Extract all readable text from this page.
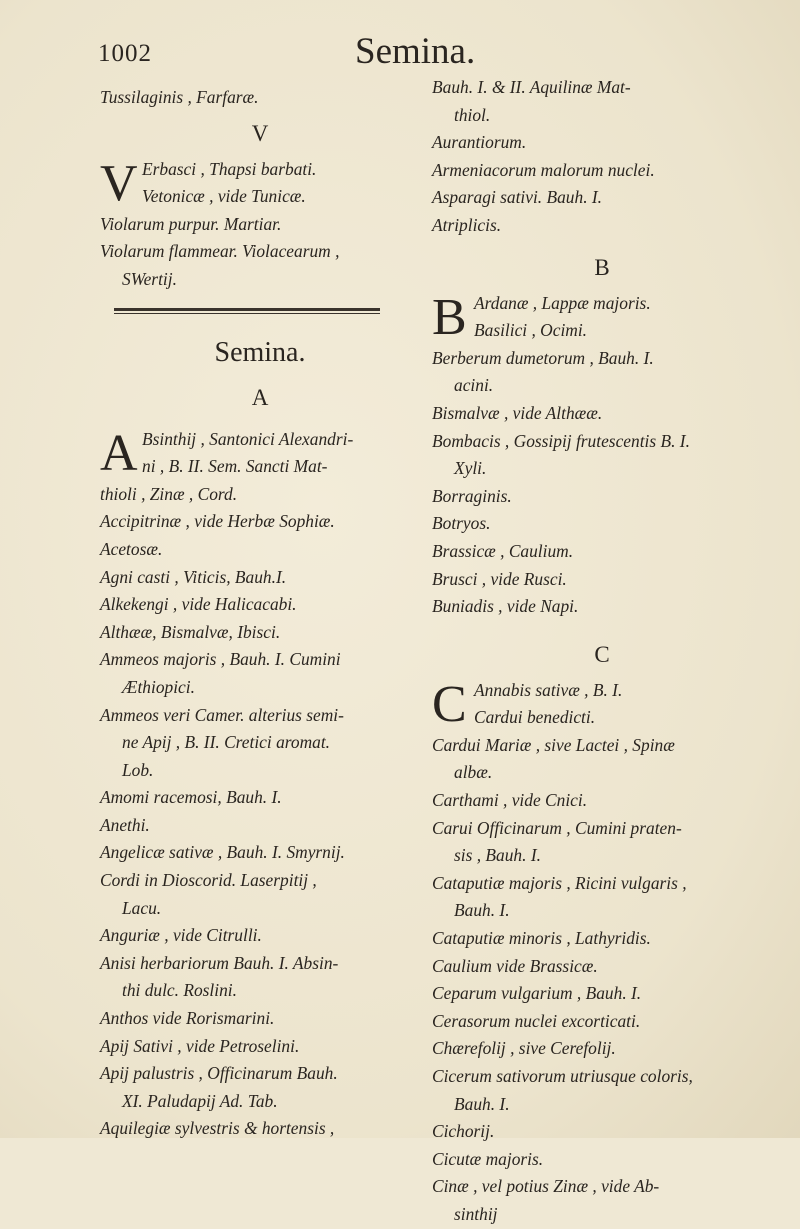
1002	Semina.
Tussilaginis , Farfaræ.
V
V Erbasci , Thapsi barbati.
Vetonicæ , vide Tunicæ.
Violarum purpur. Martiar.
Violarum flammear. Violacearum ,
SWertij.
Semina.
A
A Bsinthij , Santonici Alexandri-
ni , B. II. Sem. Sancti Mat-
thioli , Zinæ , Cord.
Accipitrinæ , vide Herbæ Sophiæ.
Acetosæ.
Agni casti , Viticis, Bauh.I.
Alkekengi , vide Halicacabi.
Althææ, Bismalvæ, Ibisci.
Ammeos majoris , Bauh. I. Cumini
Æthiopici.
Ammeos veri Camer. alterius semi-
ne Apij , B. II. Cretici aromat.
Lob.
Amomi racemosi, Bauh. I.
Anethi.
Angelicæ sativæ , Bauh. I. Smyrnij.
Cordi in Dioscorid. Laserpitij ,
Lacu.
Anguriæ , vide Citrulli.
Anisi herbariorum Bauh. I. Absin-
thi dulc. Roslini.
Anthos vide Rorismarini.
Apij Sativi , vide Petroselini.
Apij palustris , Officinarum Bauh.
XI. Paludapij Ad. Tab.
Aquilegiæ sylvestris & hortensis ,
Bauh. I. & II. Aquilinæ Mat-
thiol.
Aurantiorum.
Armeniacorum malorum nuclei.
Asparagi sativi. Bauh. I.
Atriplicis.
B
B Ardanæ , Lappæ majoris.
Basilici , Ocimi.
Berberum dumetorum , Bauh. I.
acini.
Bismalvæ , vide Althææ.
Bombacis , Gossipij frutescentis B. I.
Xyli.
Borraginis.
Botryos.
Brassicæ , Caulium.
Brusci , vide Rusci.
Buniadis , vide Napi.
C
C Annabis sativæ , B. I.
Cardui benedicti.
Cardui Mariæ , sive Lactei , Spinæ
albæ.
Carthami , vide Cnici.
Carui Officinarum , Cumini praten-
sis , Bauh. I.
Cataputiæ majoris , Ricini vulgaris ,
Bauh. I.
Cataputiæ minoris , Lathyridis.
Caulium vide Brassicæ.
Ceparum vulgarium , Bauh. I.
Cerasorum nuclei excorticati.
Chærefolij , sive Cerefolij.
Cicerum sativorum utriusque coloris,
Bauh. I.
Cichorij.
Cicutæ majoris.
Cinæ , vel potius Zinæ , vide Ab-
sinthij
